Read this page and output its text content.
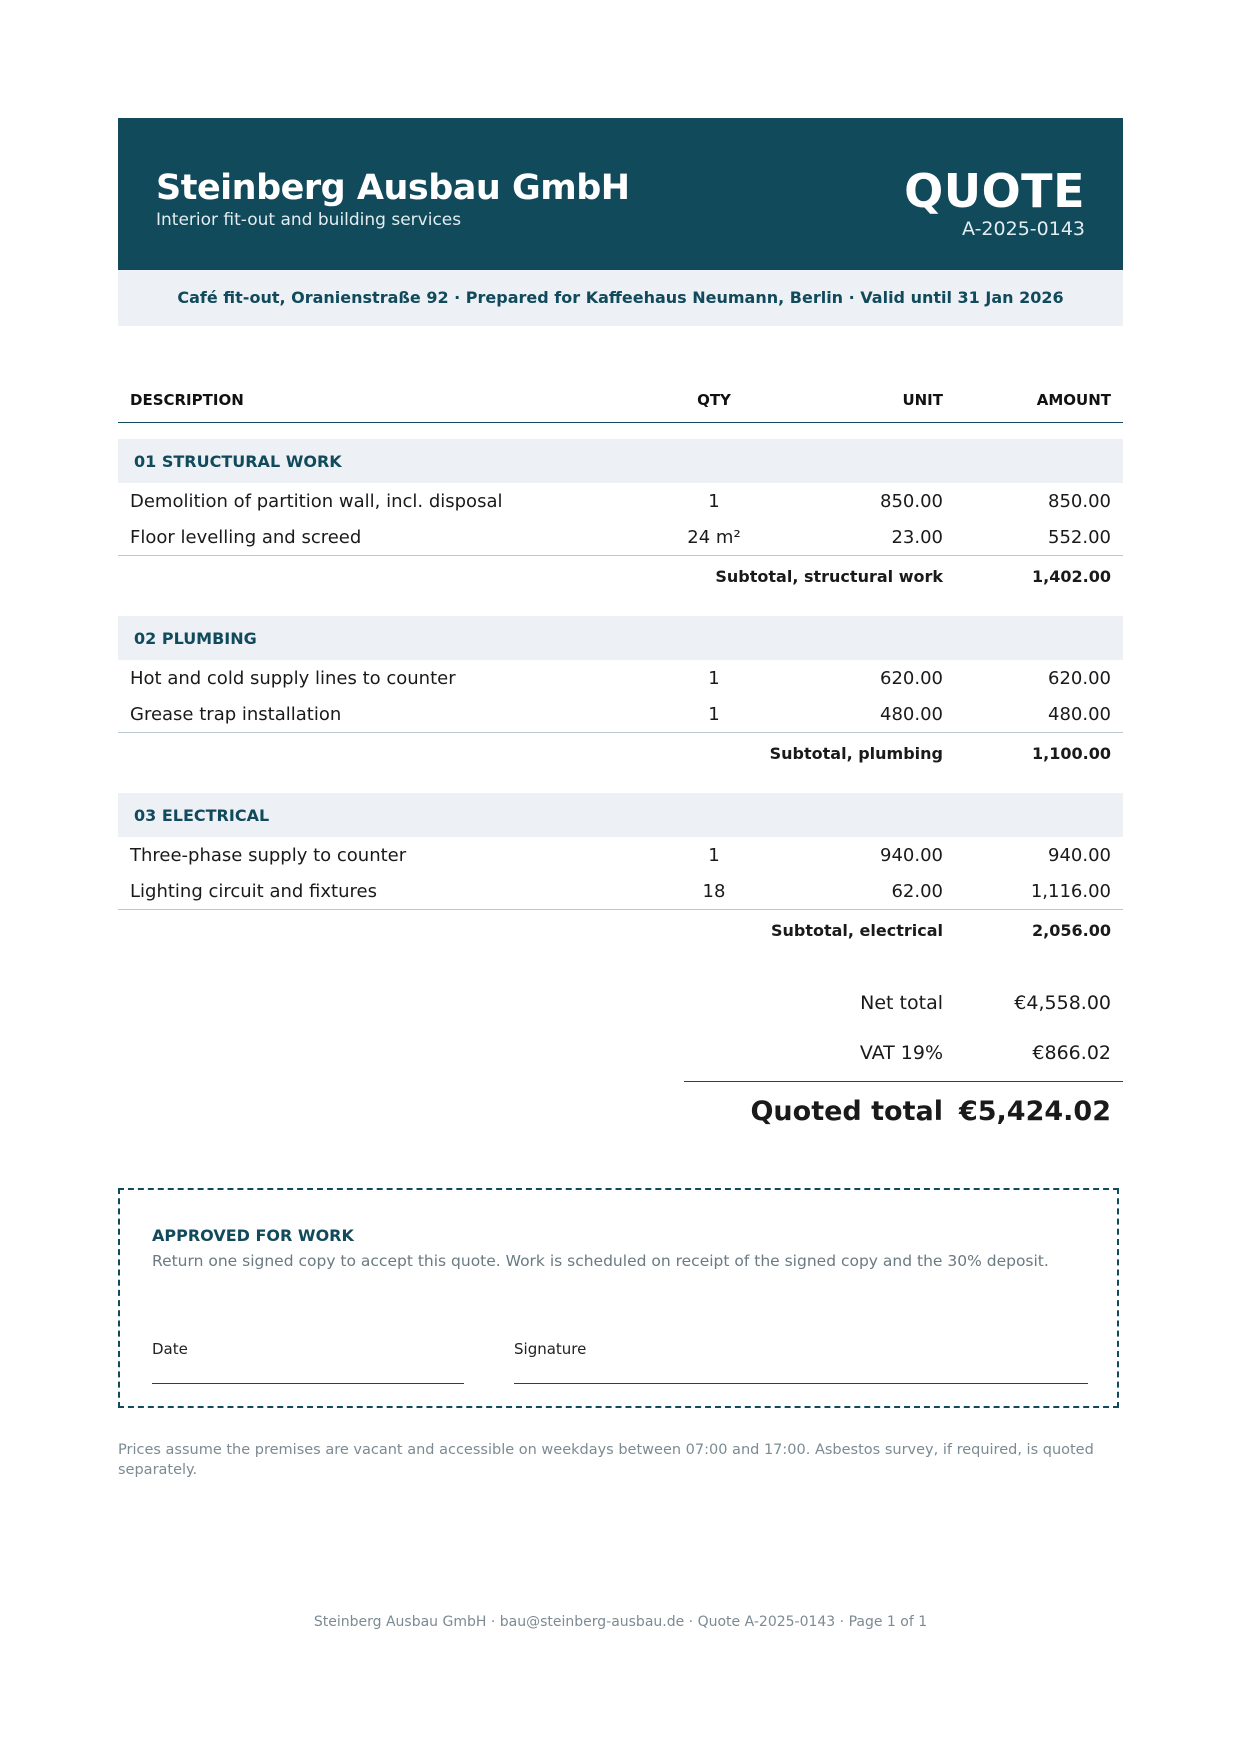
Steinberg Ausbau GmbH
Interior fit-out and building services
QUOTE
A-2025-0143
Café fit-out, Oranienstraße 92 · Prepared for Kaffeehaus Neumann, Berlin · Valid until 31 Jan 2026
DESCRIPTION	QTY	UNIT	AMOUNT

01 STRUCTURAL WORK			
Demolition of partition wall, incl. disposal	1	850.00	850.00
Floor levelling and screed	24 m²	23.00	552.00
	Subtotal, structural work		1,402.00

02 PLUMBING			
Hot and cold supply lines to counter	1	620.00	620.00
Grease trap installation	1	480.00	480.00
	Subtotal, plumbing		1,100.00

03 ELECTRICAL			
Three-phase supply to counter	1	940.00	940.00
Lighting circuit and fixtures	18	62.00	1,116.00
	Subtotal, electrical		2,056.00
Net total	€4,558.00
VAT 19%	€866.02
Quoted total €5,424.02
APPROVED FOR WORK
Return one signed copy to accept this quote. Work is scheduled on receipt of the signed copy and the 30% deposit.
Date	Signature
Prices assume the premises are vacant and accessible on weekdays between 07:00 and 17:00. Asbestos survey, if required, is quoted separately.
Steinberg Ausbau GmbH · bau@steinberg-ausbau.de · Quote A-2025-0143 · Page 1 of 1
